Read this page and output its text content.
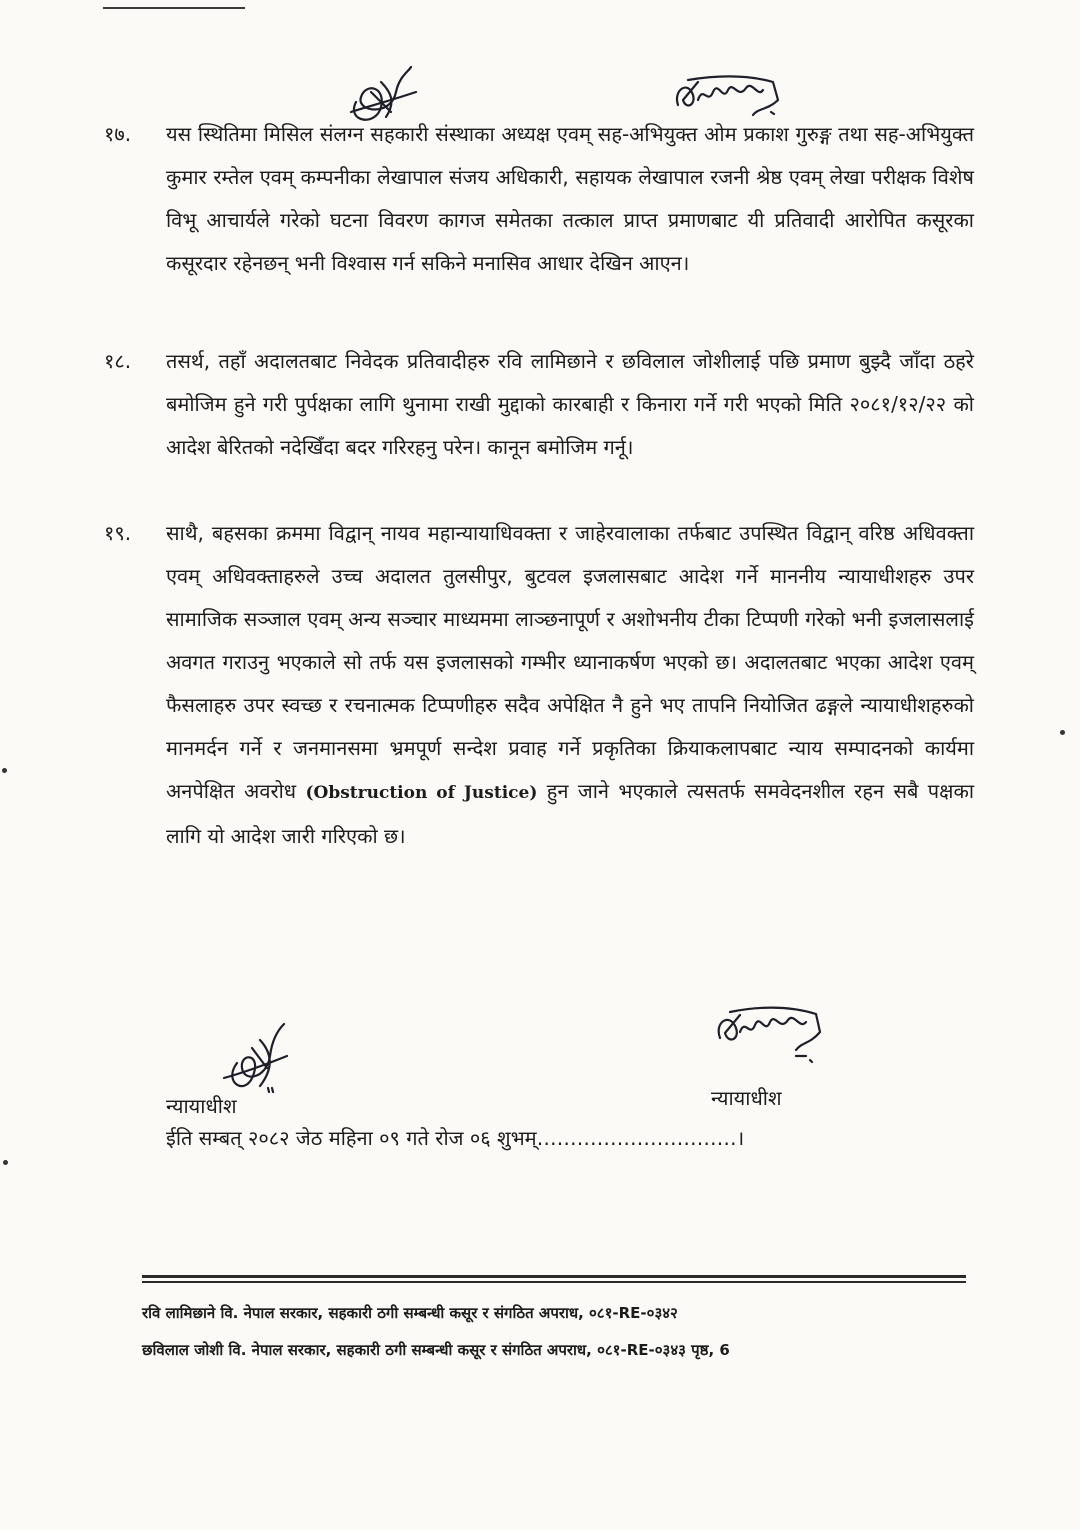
१७.	यस स्थितिमा मिसिल संलग्न सहकारी संस्थाका अध्यक्ष एवम् सह-अभियुक्त ओम प्रकाश गुरुङ्ग तथा सह-अभियुक्त कुमार रम्तेल एवम् कम्पनीका लेखापाल संजय अधिकारी, सहायक लेखापाल रजनी श्रेष्ठ एवम् लेखा परीक्षक विशेष विभू आचार्यले गरेको घटना विवरण कागज समेतका तत्काल प्राप्त प्रमाणबाट यी प्रतिवादी आरोपित कसूरका कसूरदार रहेनछन् भनी विश्वास गर्न सकिने मनासिव आधार देखिन आएन।
१८.	तसर्थ, तहाँ अदालतबाट निवेदक प्रतिवादीहरु रवि लामिछाने र छविलाल जोशीलाई पछि प्रमाण बुझ्दै जाँदा ठहरे बमोजिम हुने गरी पुर्पक्षका लागि थुनामा राखी मुद्दाको कारबाही र किनारा गर्ने गरी भएको मिति २०८१/१२/२२ को आदेश बेरितको नदेखिँदा बदर गरिरहनु परेन। कानून बमोजिम गर्नू।
१९.	साथै, बहसका क्रममा विद्वान् नायव महान्यायाधिवक्ता र जाहेरवालाका तर्फबाट उपस्थित विद्वान् वरिष्ठ अधिवक्ता एवम् अधिवक्ताहरुले उच्च अदालत तुलसीपुर, बुटवल इजलासबाट आदेश गर्ने माननीय न्यायाधीशहरु उपर सामाजिक सञ्जाल एवम् अन्य सञ्चार माध्यममा लाञ्छनापूर्ण र अशोभनीय टीका टिप्पणी गरेको भनी इजलासलाई अवगत गराउनु भएकाले सो तर्फ यस इजलासको गम्भीर ध्यानाकर्षण भएको छ। अदालतबाट भएका आदेश एवम् फैसलाहरु उपर स्वच्छ र रचनात्मक टिप्पणीहरु सदैव अपेक्षित नै हुने भए तापनि नियोजित ढङ्गले न्यायाधीशहरुको मानमर्दन गर्ने र जनमानसमा भ्रमपूर्ण सन्देश प्रवाह गर्ने प्रकृतिका क्रियाकलापबाट न्याय सम्पादनको कार्यमा अनपेक्षित अवरोध (Obstruction of Justice) हुन जाने भएकाले त्यसतर्फ समवेदनशील रहन सबै पक्षका लागि यो आदेश जारी गरिएको छ।
न्यायाधीश	न्यायाधीश
ईति सम्बत् २०८२ जेठ महिना ०९ गते रोज ०६ शुभम्…………………………।
रवि लामिछाने वि. नेपाल सरकार, सहकारी ठगी सम्बन्धी कसूर र संगठित अपराध, ०८१-RE-०३४२
छविलाल जोशी वि. नेपाल सरकार, सहकारी ठगी सम्बन्धी कसूर र संगठित अपराध, ०८१-RE-०३४३ पृष्ठ, 6
